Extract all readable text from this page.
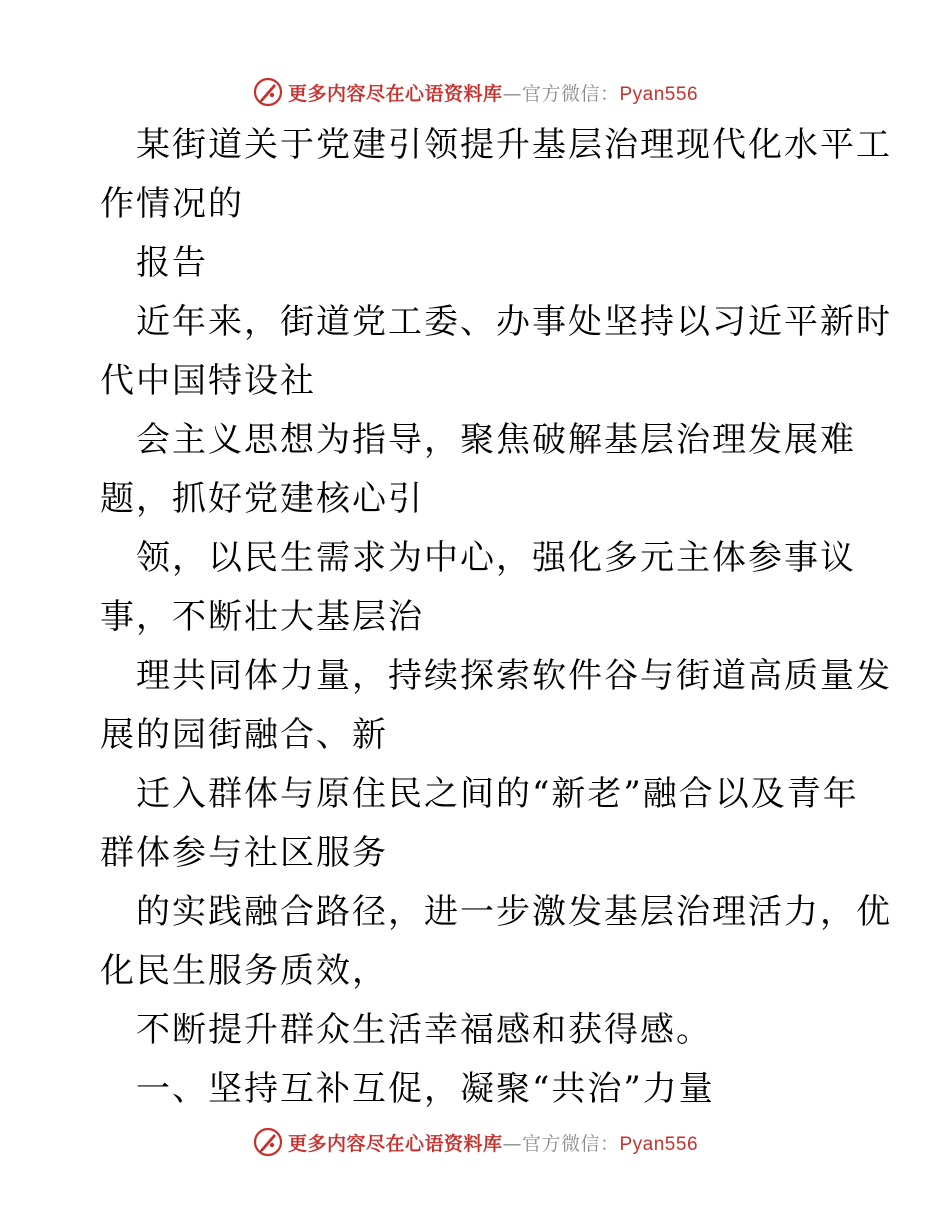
更多内容尽在心语资料库—官方微信：Pyan556
某街道关于党建引领提升基层治理现代化水平工
作情况的
报告
近年来，街道党工委、办事处坚持以习近平新时
代中国特设社
会主义思想为指导，聚焦破解基层治理发展难
题，抓好党建核心引
领，以民生需求为中心，强化多元主体参事议
事，不断壮大基层治
理共同体力量，持续探索软件谷与街道高质量发
展的园街融合、新
迁入群体与原住民之间的“新老”融合以及青年
群体参与社区服务
的实践融合路径，进一步激发基层治理活力，优
化民生服务质效，
不断提升群众生活幸福感和获得感。
一、坚持互补互促，凝聚“共治”力量
更多内容尽在心语资料库—官方微信：Pyan556
